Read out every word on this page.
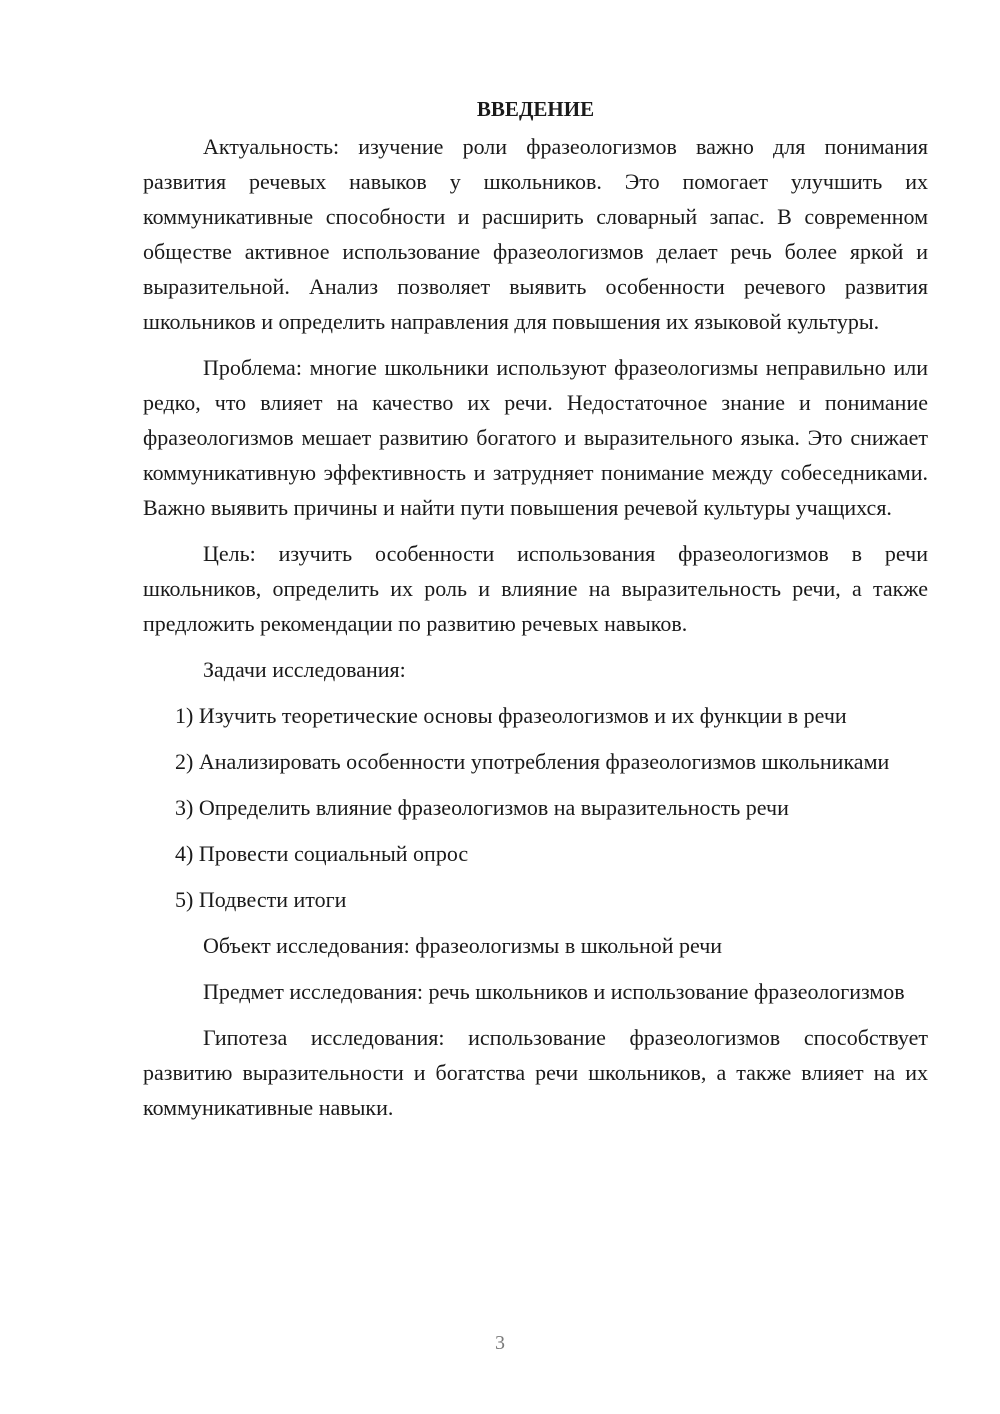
ВВЕДЕНИЕ

Актуальность: изучение роли фразеологизмов важно для понимания развития речевых навыков у школьников. Это помогает улучшить их коммуникативные способности и расширить словарный запас. В современном обществе активное использование фразеологизмов делает речь более яркой и выразительной. Анализ позволяет выявить особенности речевого развития школьников и определить направления для повышения их языковой культуры.

Проблема: многие школьники используют фразеологизмы неправильно или редко, что влияет на качество их речи. Недостаточное знание и понимание фразеологизмов мешает развитию богатого и выразительного языка. Это снижает коммуникативную эффективность и затрудняет понимание между собеседниками. Важно выявить причины и найти пути повышения речевой культуры учащихся.

Цель: изучить особенности использования фразеологизмов в речи школьников, определить их роль и влияние на выразительность речи, а также предложить рекомендации по развитию речевых навыков.

Задачи исследования:

1) Изучить теоретические основы фразеологизмов и их функции в речи

2) Анализировать особенности употребления фразеологизмов школьниками

3) Определить влияние фразеологизмов на выразительность речи

4) Провести социальный опрос

5) Подвести итоги

Объект исследования: фразеологизмы в школьной речи

Предмет исследования: речь школьников и использование фразеологизмов

Гипотеза исследования: использование фразеологизмов способствует развитию выразительности и богатства речи школьников, а также влияет на их коммуникативные навыки.

3
